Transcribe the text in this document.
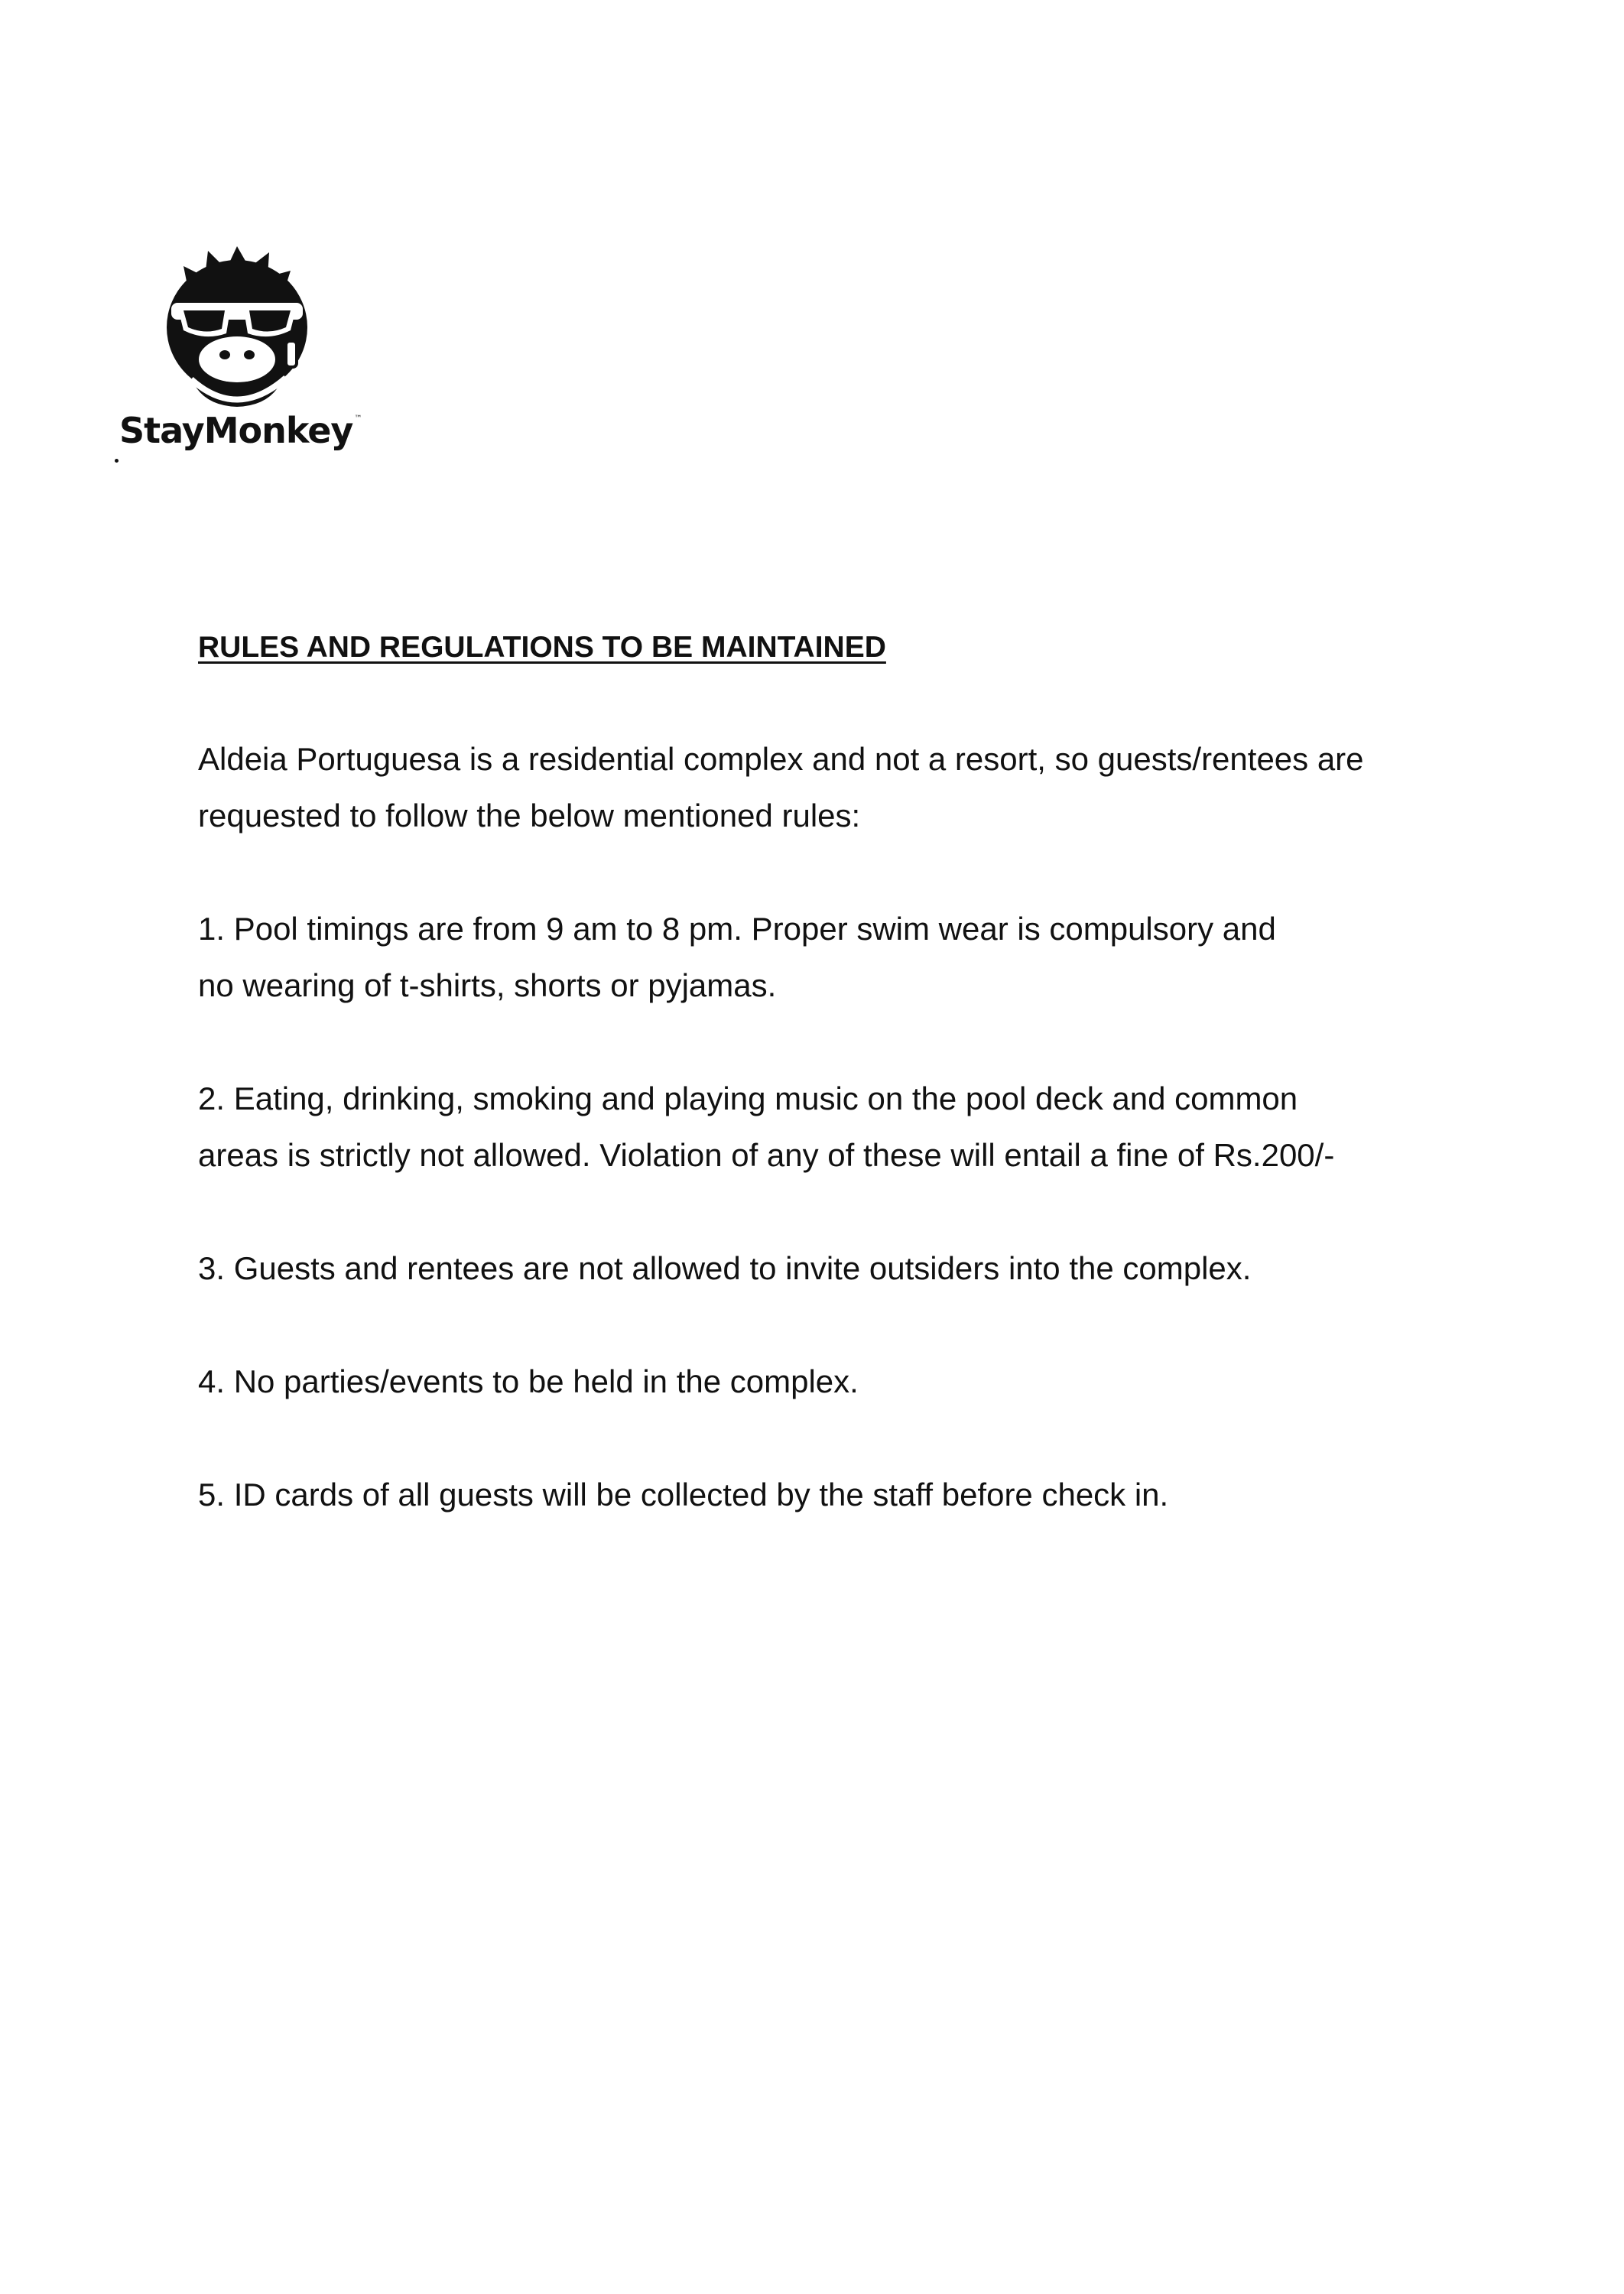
StayMonkey ™

RULES AND REGULATIONS TO BE MAINTAINED

Aldeia Portuguesa is a residential complex and not a resort, so guests/rentees are

requested to follow the below mentioned rules:

1. Pool timings are from 9 am to 8 pm. Proper swim wear is compulsory and

no wearing of t-shirts, shorts or pyjamas.

2. Eating, drinking, smoking and playing music on the pool deck and common

areas is strictly not allowed. Violation of any of these will entail a fine of Rs.200/-

3. Guests and rentees are not allowed to invite outsiders into the complex.

4. No parties/events to be held in the complex.

5. ID cards of all guests will be collected by the staff before check in.
